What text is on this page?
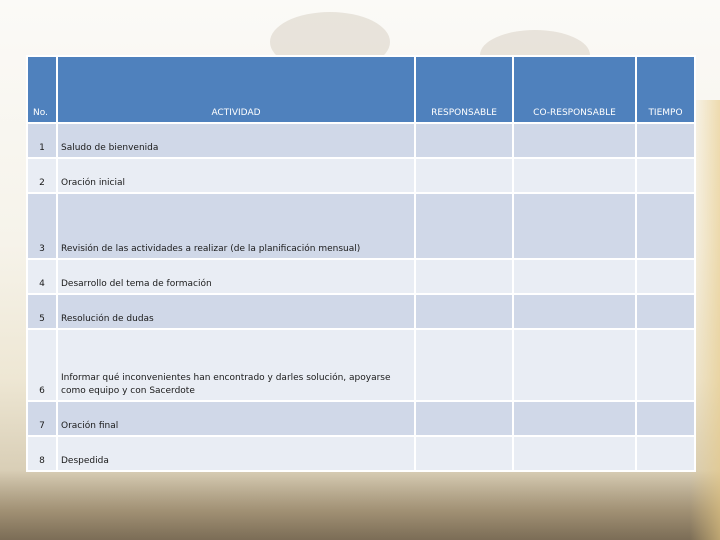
No.	ACTIVIDAD	RESPONSABLE	CO-RESPONSABLE	TIEMPO
1	Saludo de bienvenida			
2	Oración inicial			
3	Revisión de las actividades a realizar (de la planificación mensual)			
4	Desarrollo del tema de formación			
5	Resolución de dudas			
6	Informar qué inconvenientes han encontrado y darles solución, apoyarse como equipo y con Sacerdote			
7	Oración final			
8	Despedida			
